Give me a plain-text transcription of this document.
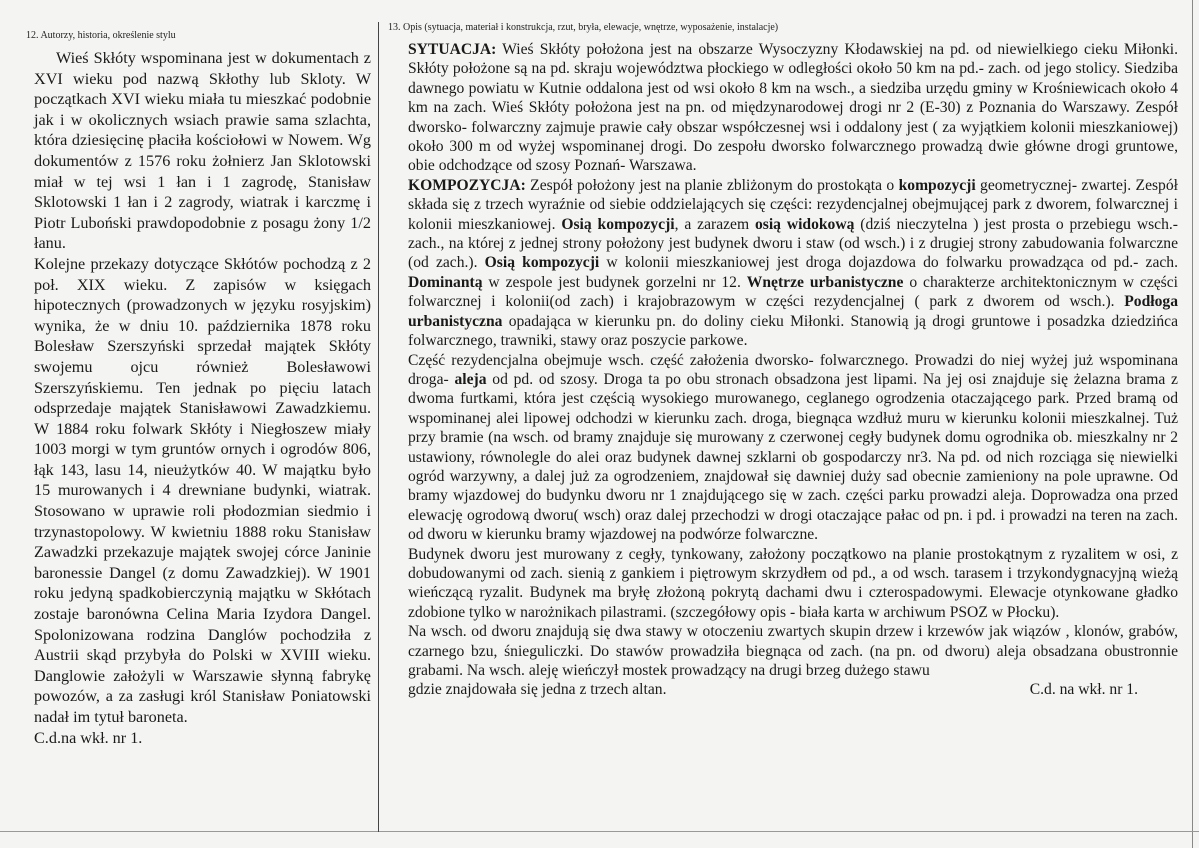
12. Autorzy, historia, określenie stylu

Wieś Skłóty wspominana jest w dokumentach z XVI wieku pod nazwą Skłothy lub Skloty. W początkach XVI wieku miała tu mieszkać podobnie jak i w okolicznych wsiach prawie sama szlachta, która dziesięcinę płaciła kościołowi w Nowem. Wg dokumentów z 1576 roku żołnierz Jan Sklotowski miał w tej wsi 1 łan i 1 zagrodę, Stanisław Sklotowski 1 łan i 2 zagrody, wiatrak i karczmę i Piotr Luboński prawdopodobnie z posagu żony 1/2 łanu.

Kolejne przekazy dotyczące Skłótów pochodzą z 2 poł. XIX wieku. Z zapisów w księgach hipotecznych (prowadzonych w języku rosyjskim) wynika, że w dniu 10. października 1878 roku Bolesław Szerszyński sprzedał majątek Skłóty swojemu ojcu również Bolesławowi Szerszyńskiemu. Ten jednak po pięciu latach odsprzedaje majątek Stanisławowi Zawadzkiemu. W 1884 roku folwark Skłóty i Niegłoszew miały 1003 morgi w tym gruntów ornych i ogrodów 806, łąk 143, lasu 14, nieużytków 40. W majątku było 15 murowanych i 4 drewniane budynki, wiatrak. Stosowano w uprawie roli płodozmian siedmio i trzynastopolowy. W kwietniu 1888 roku Stanisław Zawadzki przekazuje majątek swojej córce Janinie baronessie Dangel (z domu Zawadzkiej). W 1901 roku jedyną spadkobierczynią majątku w Skłótach zostaje baronówna Celina Maria Izydora Dangel. Spolonizowana rodzina Danglów pochodziła z Austrii skąd przybyła do Polski w XVIII wieku. Danglowie założyli w Warszawie słynną fabrykę powozów, a za zasługi król Stanisław Poniatowski nadał im tytuł baroneta.

C.d.na wkł. nr 1.

13. Opis (sytuacja, materiał i konstrukcja, rzut, bryła, elewacje, wnętrze, wyposażenie, instalacje)

SYTUACJA: Wieś Skłóty położona jest na obszarze Wysoczyzny Kłodawskiej na pd. od niewielkiego cieku Miłonki. Skłóty położone są na pd. skraju województwa płockiego w odległości około 50 km na pd.- zach. od jego stolicy. Siedziba dawnego powiatu w Kutnie oddalona jest od wsi około 8 km na wsch., a siedziba urzędu gminy w Krośniewicach około 4 km na zach. Wieś Skłóty położona jest na pn. od międzynarodowej drogi nr 2 (E-30) z Poznania do Warszawy. Zespół dworsko- folwarczny zajmuje prawie cały obszar współczesnej wsi i oddalony jest ( za wyjątkiem kolonii mieszkaniowej) około 300 m od wyżej wspominanej drogi. Do zespołu dworsko folwarcznego prowadzą dwie główne drogi gruntowe, obie odchodzące od szosy Poznań- Warszawa.

KOMPOZYCJA: Zespół położony jest na planie zbliżonym do prostokąta o kompozycji geometrycznej- zwartej. Zespół składa się z trzech wyraźnie od siebie oddzielających się części: rezydencjalnej obejmującej park z dworem, folwarcznej i kolonii mieszkaniowej. Osią kompozycji, a zarazem osią widokową (dziś nieczytelna ) jest prosta o przebiegu wsch.- zach., na której z jednej strony położony jest budynek dworu i staw (od wsch.) i z drugiej strony zabudowania folwarczne (od zach.). Osią kompozycji w kolonii mieszkaniowej jest droga dojazdowa do folwarku prowadząca od pd.- zach. Dominantą w zespole jest budynek gorzelni nr 12. Wnętrze urbanistyczne o charakterze architektonicznym w części folwarcznej i kolonii(od zach) i krajobrazowym w części rezydencjalnej ( park z dworem od wsch.). Podłoga urbanistyczna opadająca w kierunku pn. do doliny cieku Miłonki. Stanowią ją drogi gruntowe i posadzka dziedzińca folwarcznego, trawniki, stawy oraz poszycie parkowe.

Część rezydencjalna obejmuje wsch. część założenia dworsko- folwarcznego. Prowadzi do niej wyżej już wspominana droga- aleja od pd. od szosy. Droga ta po obu stronach obsadzona jest lipami. Na jej osi znajduje się żelazna brama z dwoma furtkami, która jest częścią wysokiego murowanego, ceglanego ogrodzenia otaczającego park. Przed bramą od wspominanej alei lipowej odchodzi w kierunku zach. droga, biegnąca wzdłuż muru w kierunku kolonii mieszkalnej. Tuż przy bramie (na wsch. od bramy znajduje się murowany z czerwonej cegły budynek domu ogrodnika ob. mieszkalny nr 2 ustawiony, równolegle do alei oraz budynek dawnej szklarni ob gospodarczy nr3. Na pd. od nich rozciąga się niewielki ogród warzywny, a dalej już za ogrodzeniem, znajdował się dawniej duży sad obecnie zamieniony na pole uprawne. Od bramy wjazdowej do budynku dworu nr 1 znajdującego się w zach. części parku prowadzi aleja. Doprowadza ona przed elewację ogrodową dworu( wsch) oraz dalej przechodzi w drogi otaczające pałac od pn. i pd. i prowadzi na teren na zach. od dworu w kierunku bramy wjazdowej na podwórze folwarczne.

Budynek dworu jest murowany z cegły, tynkowany, założony początkowo na planie prostokątnym z ryzalitem w osi, z dobudowanymi od zach. sienią z gankiem i piętrowym skrzydłem od pd., a od wsch. tarasem i trzykondygnacyjną wieżą wieńczącą ryzalit. Budynek ma bryłę złożoną pokrytą dachami dwu i czterospadowymi. Elewacje otynkowane gładko zdobione tylko w narożnikach pilastrami. (szczegółowy opis - biała karta w archiwum PSOZ w Płocku).

Na wsch. od dworu znajdują się dwa stawy w otoczeniu zwartych skupin drzew i krzewów jak wiązów , klonów, grabów, czarnego bzu, śnieguliczki. Do stawów prowadziła biegnąca od zach. (na pn. od dworu) aleja obsadzana obustronnie grabami. Na wsch. aleję wieńczył mostek prowadzący na drugi brzeg dużego stawu

gdzie znajdowała się jedna z trzech altan.	C.d. na wkł. nr 1.
